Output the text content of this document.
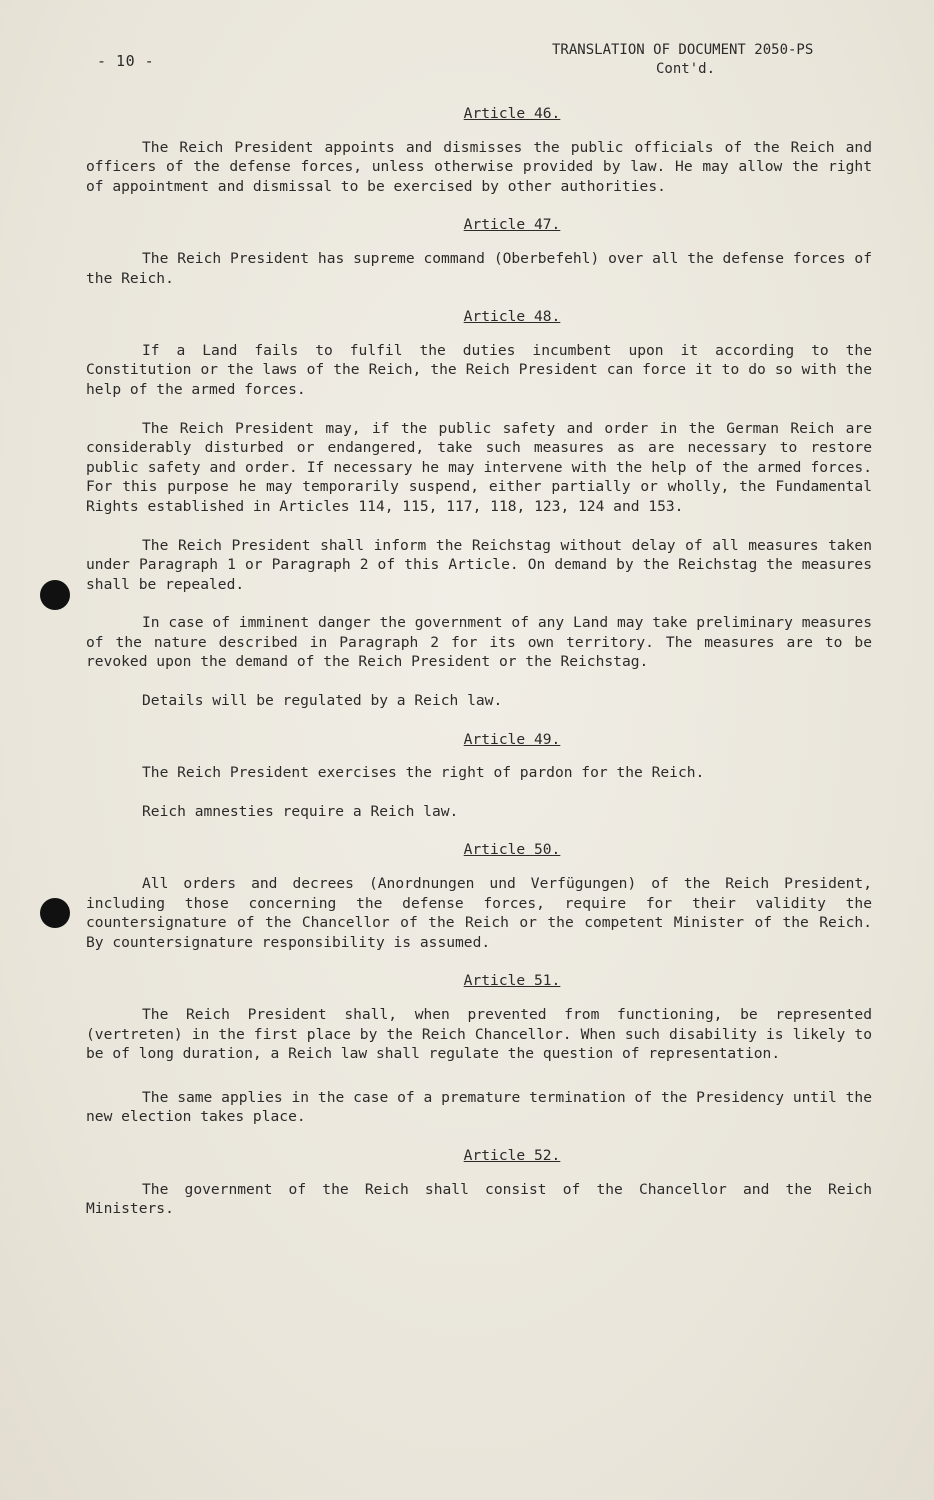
- 10 -
TRANSLATION OF DOCUMENT 2050-PS
Cont'd.
Article 46.

The Reich President appoints and dismisses the public officials of the Reich and officers of the defense forces, unless otherwise provided by law. He may allow the right of appointment and dismissal to be exercised by other authorities.

Article 47.

The Reich President has supreme command (Oberbefehl) over all the defense forces of the Reich.

Article 48.

If a Land fails to fulfil the duties incumbent upon it according to the Constitution or the laws of the Reich, the Reich President can force it to do so with the help of the armed forces.

The Reich President may, if the public safety and order in the German Reich are considerably disturbed or endangered, take such measures as are necessary to restore public safety and order. If necessary he may intervene with the help of the armed forces. For this purpose he may temporarily suspend, either partially or wholly, the Fundamental Rights established in Articles 114, 115, 117, 118, 123, 124 and 153.

The Reich President shall inform the Reichstag without delay of all measures taken under Paragraph 1 or Paragraph 2 of this Article. On demand by the Reichstag the measures shall be repealed.

In case of imminent danger the government of any Land may take preliminary measures of the nature described in Paragraph 2 for its own territory. The measures are to be revoked upon the demand of the Reich President or the Reichstag.

Details will be regulated by a Reich law.

Article 49.

The Reich President exercises the right of pardon for the Reich.

Reich amnesties require a Reich law.

Article 50.

All orders and decrees (Anordnungen und Verfügungen) of the Reich President, including those concerning the defense forces, require for their validity the countersignature of the Chancellor of the Reich or the competent Minister of the Reich. By countersignature responsibility is assumed.

Article 51.

The Reich President shall, when prevented from functioning, be represented (vertreten) in the first place by the Reich Chancellor. When such disability is likely to be of long duration, a Reich law shall regulate the question of representation.

The same applies in the case of a premature termination of the Presidency until the new election takes place.

Article 52.

The government of the Reich shall consist of the Chancellor and the Reich Ministers.
